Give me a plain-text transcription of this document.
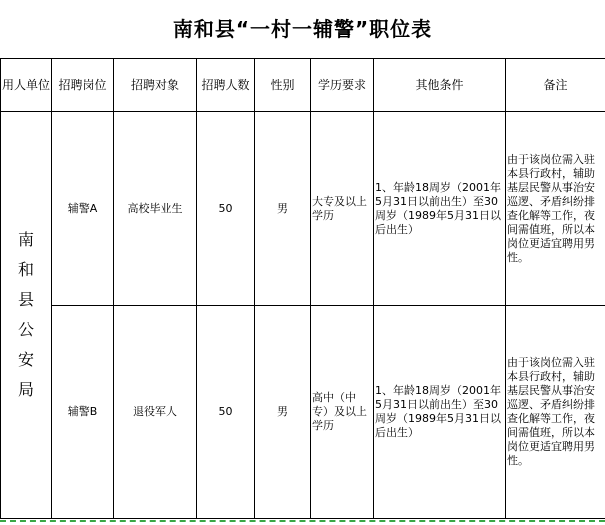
南和县“一村一辅警”职位表
用人单位	招聘岗位	招聘对象	招聘人数	性别	学历要求	其他条件	备注
南和县公安局	辅警A	高校毕业生	50	男	大专及以上学历	1、年龄18周岁（2001年5月31日以前出生）至30周岁（1989年5月31日以后出生）	由于该岗位需入驻本县行政村，辅助基层民警从事治安巡逻、矛盾纠纷排查化解等工作，夜间需值班，所以本岗位更适宜聘用男性。
	辅警B	退役军人	50	男	高中（中专）及以上学历	1、年龄18周岁（2001年5月31日以前出生）至30周岁（1989年5月31日以后出生）	由于该岗位需入驻本县行政村，辅助基层民警从事治安巡逻、矛盾纠纷排查化解等工作，夜间需值班，所以本岗位更适宜聘用男性。
